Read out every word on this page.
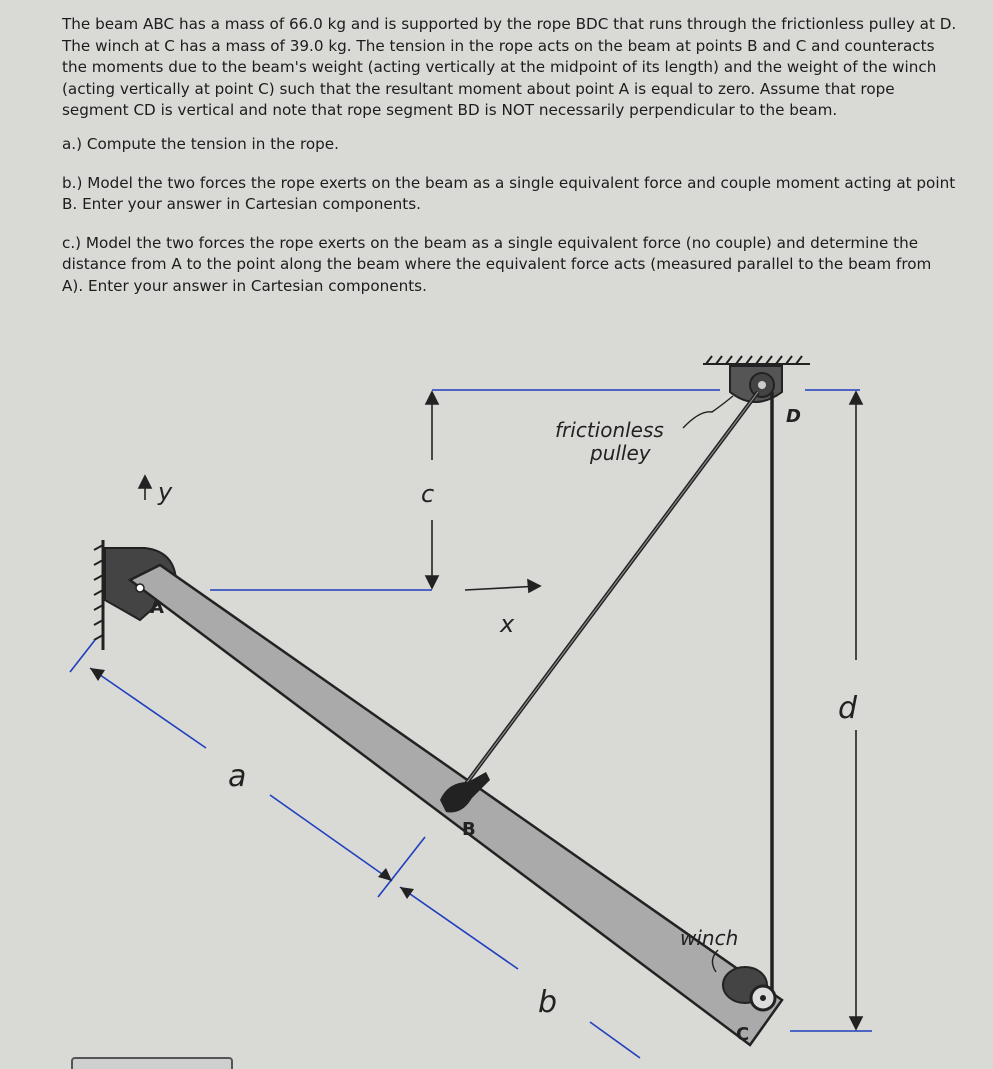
The beam ABC has a mass of 66.0 kg and is supported by the rope BDC that runs through the frictionless pulley at D. The winch at C has a mass of 39.0 kg. The tension in the rope acts on the beam at points B and C and counteracts the moments due to the beam's weight (acting vertically at the midpoint of its length) and the weight of the winch (acting vertically at point C) such that the resultant moment about point A is equal to zero. Assume that rope segment CD is vertical and note that rope segment BD is NOT necessarily perpendicular to the beam.

a.) Compute the tension in the rope.

b.) Model the two forces the rope exerts on the beam as a single equivalent force and couple moment acting at point B. Enter your answer in Cartesian components.

c.) Model the two forces the rope exerts on the beam as a single equivalent force (no couple) and determine the distance from A to the point along the beam where the equivalent force acts (measured parallel to the beam from A). Enter your answer in Cartesian components.

c
x
y
A
B
C
D
frictionless
pulley
winch
d
a
b
